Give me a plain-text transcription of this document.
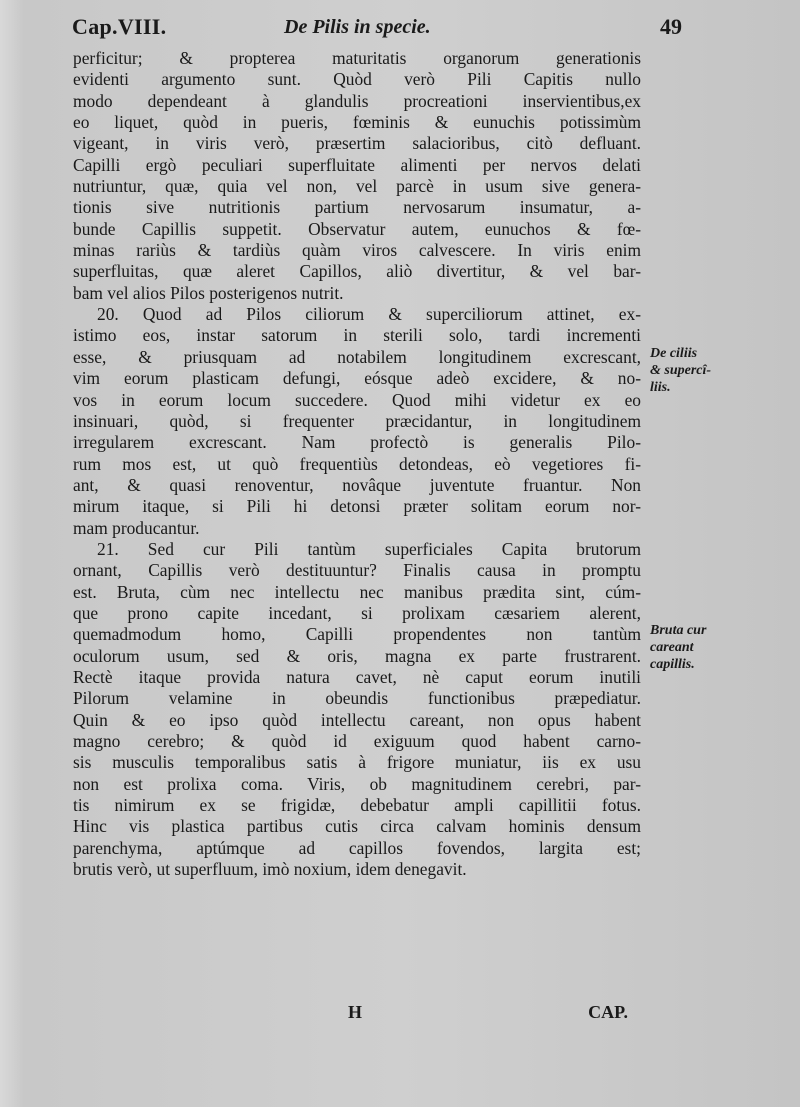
Cap.VIII.	De Pilis in specie.	49
perficitur; & propterea maturitatis organorum generationis
evidenti argumento sunt. Quòd verò Pili Capitis nullo
modo dependeant à glandulis procreationi inservientibus,ex
eo liquet, quòd in pueris, fœminis & eunuchis potissimùm
vigeant, in viris verò, præsertim salacioribus, citò defluant.
Capilli ergò peculiari superfluitate alimenti per nervos delati
nutriuntur, quæ, quia vel non, vel parcè in usum sive genera-
tionis sive nutritionis partium nervosarum insumatur, a-
bunde Capillis suppetit. Observatur autem, eunuchos & fœ-
minas rariùs & tardiùs quàm viros calvescere. In viris enim
superfluitas, quæ aleret Capillos, aliò divertitur, & vel bar-
bam vel alios Pilos posterigenos nutrit.
20. Quod ad Pilos ciliorum & superciliorum attinet, ex-
istimo eos, instar satorum in sterili solo, tardi incrementi
esse, & priusquam ad notabilem longitudinem excrescant,
vim eorum plasticam defungi, eósque adeò excidere, & no-
vos in eorum locum succedere. Quod mihi videtur ex eo
insinuari, quòd, si frequenter præcidantur, in longitudinem
irregularem excrescant. Nam profectò is generalis Pilo-
rum mos est, ut quò frequentiùs detondeas, eò vegetiores fi-
ant, & quasi renoventur, novâque juventute fruantur. Non
mirum itaque, si Pili hi detonsi præter solitam eorum nor-
mam producantur.
21. Sed cur Pili tantùm superficiales Capita brutorum
ornant, Capillis verò destituuntur? Finalis causa in promptu
est. Bruta, cùm nec intellectu nec manibus prædita sint, cúm-
que prono capite incedant, si prolixam cæsariem alerent,
quemadmodum homo, Capilli propendentes non tantùm
oculorum usum, sed & oris, magna ex parte frustrarent.
Rectè itaque provida natura cavet, nè caput eorum inutili
Pilorum velamine in obeundis functionibus præpediatur.
Quin & eo ipso quòd intellectu careant, non opus habent
magno cerebro; & quòd id exiguum quod habent carno-
sis musculis temporalibus satis à frigore muniatur, iis ex usu
non est prolixa coma. Viris, ob magnitudinem cerebri, par-
tis nimirum ex se frigidæ, debebatur ampli capillitii fotus.
Hinc vis plastica partibus cutis circa calvam hominis densum
parenchyma, aptúmque ad capillos fovendos, largita est;
brutis verò, ut superfluum, imò noxium, idem denegavit.
De ciliis
& supercî-
liis.
Bruta cur
careant
capillis.
H	CAP.
